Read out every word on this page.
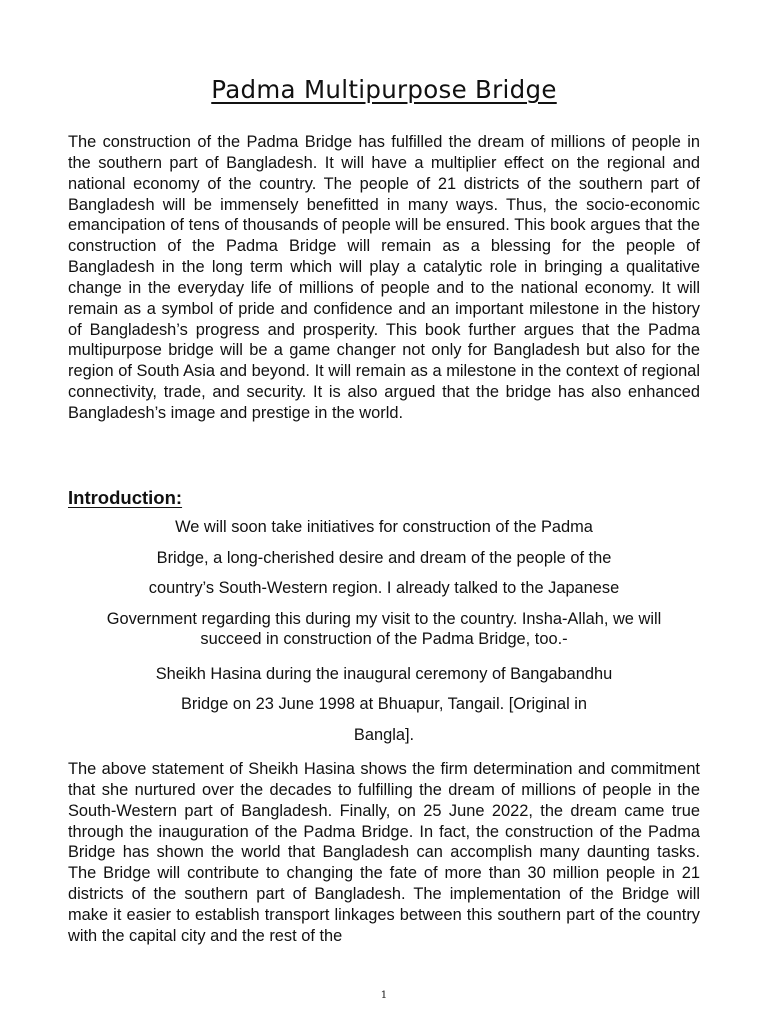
Padma Multipurpose Bridge

The construction of the Padma Bridge has fulfilled the dream of millions of people in the southern part of Bangladesh. It will have a multiplier effect on the regional and national economy of the country. The people of 21 districts of the southern part of Bangladesh will be immensely benefitted in many ways. Thus, the socio-economic emancipation of tens of thousands of people will be ensured. This book argues that the construction of the Padma Bridge will remain as a blessing for the people of Bangladesh in the long term which will play a catalytic role in bringing a qualitative change in the everyday life of millions of people and to the national economy. It will remain as a symbol of pride and confidence and an important milestone in the history of Bangladesh’s progress and prosperity. This book further argues that the Padma multipurpose bridge will be a game changer not only for Bangladesh but also for the region of South Asia and beyond. It will remain as a milestone in the context of regional connectivity, trade, and security. It is also argued that the bridge has also enhanced Bangladesh’s image and prestige in the world.

Introduction:
We will soon take initiatives for construction of the Padma
Bridge, a long-cherished desire and dream of the people of the
country’s South-Western region. I already talked to the Japanese
Government regarding this during my visit to the country. Insha-Allah, we will
succeed in construction of the Padma Bridge, too.-
Sheikh Hasina during the inaugural ceremony of Bangabandhu
Bridge on 23 June 1998 at Bhuapur, Tangail. [Original in
Bangla].

The above statement of Sheikh Hasina shows the firm determination and commitment that she nurtured over the decades to fulfilling the dream of millions of people in the South-Western part of Bangladesh. Finally, on 25 June 2022, the dream came true through the inauguration of the Padma Bridge. In fact, the construction of the Padma Bridge has shown the world that Bangladesh can accomplish many daunting tasks. The Bridge will contribute to changing the fate of more than 30 million people in 21 districts of the southern part of Bangladesh. The implementation of the Bridge will make it easier to establish transport linkages between this southern part of the country with the capital city and the rest of the

1
